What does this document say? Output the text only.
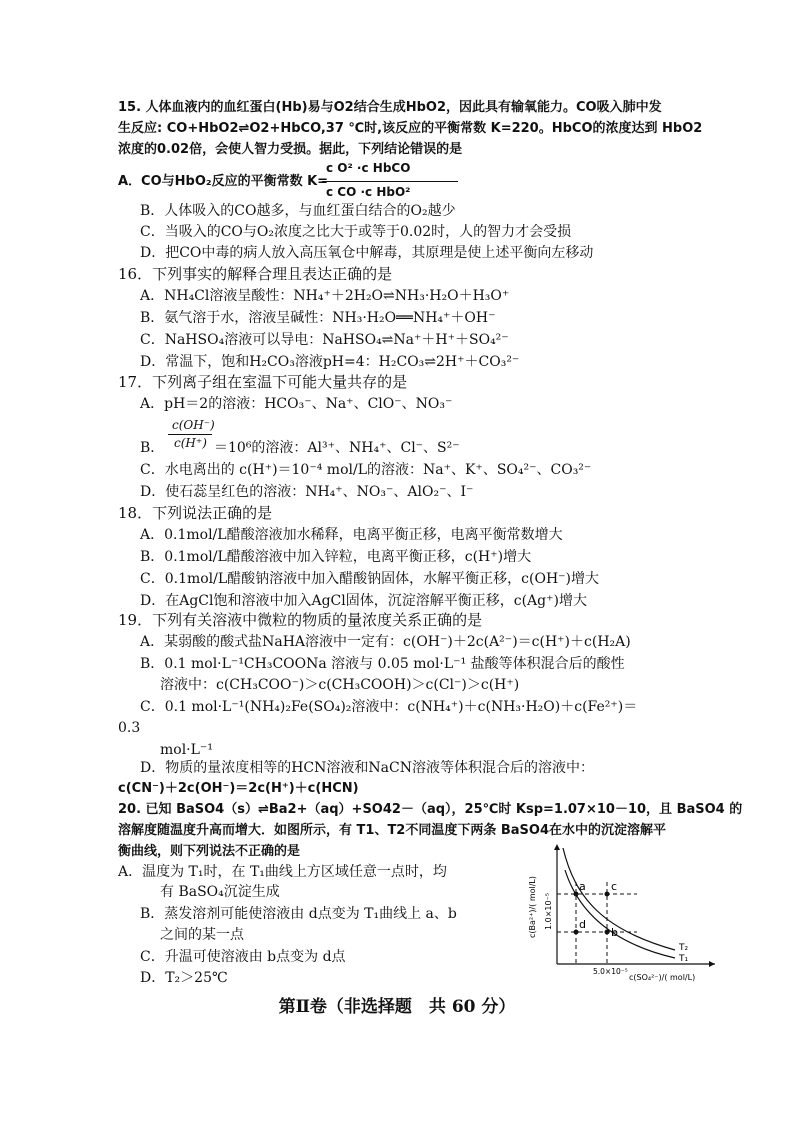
15. 人体血液内的血红蛋白(Hb)易与O2结合生成HbO2，因此具有输氧能力。CO吸入肺中发
生反应: CO+HbO2⇌O2+HbCO,37 ℃时,该反应的平衡常数 K=220。HbCO的浓度达到 HbO2
浓度的0.02倍，会使人智力受损。据此，下列结论错误的是
A．CO与HbO₂反应的平衡常数 K=
c O² ·c HbCO
c CO ·c HbO²
B．人体吸入的CO越多，与血红蛋白结合的O₂越少
C．当吸入的CO与O₂浓度之比大于或等于0.02时，人的智力才会受损
D．把CO中毒的病人放入高压氧仓中解毒，其原理是使上述平衡向左移动
16．下列事实的解释合理且表达正确的是
A．NH₄Cl溶液呈酸性：NH₄⁺＋2H₂O⇌NH₃·H₂O＋H₃O⁺
B．氨气溶于水，溶液呈碱性：NH₃·H₂O══NH₄⁺＋OH⁻
C．NaHSO₄溶液可以导电：NaHSO₄⇌Na⁺＋H⁺＋SO₄²⁻
D．常温下，饱和H₂CO₃溶液pH=4：H₂CO₃⇌2H⁺＋CO₃²⁻
17．下列离子组在室温下可能大量共存的是
A．pH＝2的溶液：HCO₃⁻、Na⁺、ClO⁻、NO₃⁻
B．
c(OH⁻)
c(H⁺) ＝10⁶的溶液：Al³⁺、NH₄⁺、Cl⁻、S²⁻
C．水电离出的 c(H⁺)＝10⁻⁴ mol/L的溶液：Na⁺、K⁺、SO₄²⁻、CO₃²⁻
D．使石蕊呈红色的溶液：NH₄⁺、NO₃⁻、AlO₂⁻、I⁻
18．下列说法正确的是
A．0.1mol/L醋酸溶液加水稀释，电离平衡正移，电离平衡常数增大
B．0.1mol/L醋酸溶液中加入锌粒，电离平衡正移，c(H⁺)增大
C．0.1mol/L醋酸钠溶液中加入醋酸钠固体，水解平衡正移，c(OH⁻)增大
D．在AgCl饱和溶液中加入AgCl固体，沉淀溶解平衡正移，c(Ag⁺)增大
19．下列有关溶液中微粒的物质的量浓度关系正确的是
A．某弱酸的酸式盐NaHA溶液中一定有：c(OH⁻)＋2c(A²⁻)＝c(H⁺)＋c(H₂A)
B．0.1 mol·L⁻¹CH₃COONa 溶液与 0.05 mol·L⁻¹ 盐酸等体积混合后的酸性
溶液中：c(CH₃COO⁻)＞c(CH₃COOH)＞c(Cl⁻)＞c(H⁺)
C．0.1 mol·L⁻¹(NH₄)₂Fe(SO₄)₂溶液中：c(NH₄⁺)＋c(NH₃·H₂O)＋c(Fe²⁺)＝
0.3
mol·L⁻¹
D．物质的量浓度相等的HCN溶液和NaCN溶液等体积混合后的溶液中：
c(CN⁻)＋2c(OH⁻)＝2c(H⁺)＋c(HCN)
20. 已知 BaSO4（s）⇌Ba2+（aq）+SO42－（aq），25℃时 Ksp=1.07×10－10，且 BaSO4 的
溶解度随温度升高而增大．如图所示，有 T1、T2不同温度下两条 BaSO4在水中的沉淀溶解平
衡曲线，则下列说法不正确的是
A．温度为 T₁时，在 T₁曲线上方区域任意一点时，均
有 BaSO₄沉淀生成
B．蒸发溶剂可能使溶液由 d点变为 T₁曲线上 a、b
之间的某一点
C．升温可使溶液由 b点变为 d点
D．T₂＞25℃
a c
d
b
T₂
T₁
c(Ba²⁺)/( mol/L) 1.0×10⁻⁵
5.0×10⁻⁵
c(SO₄²⁻)/( mol/L)
第Ⅱ卷（非选择题　共 60 分）
